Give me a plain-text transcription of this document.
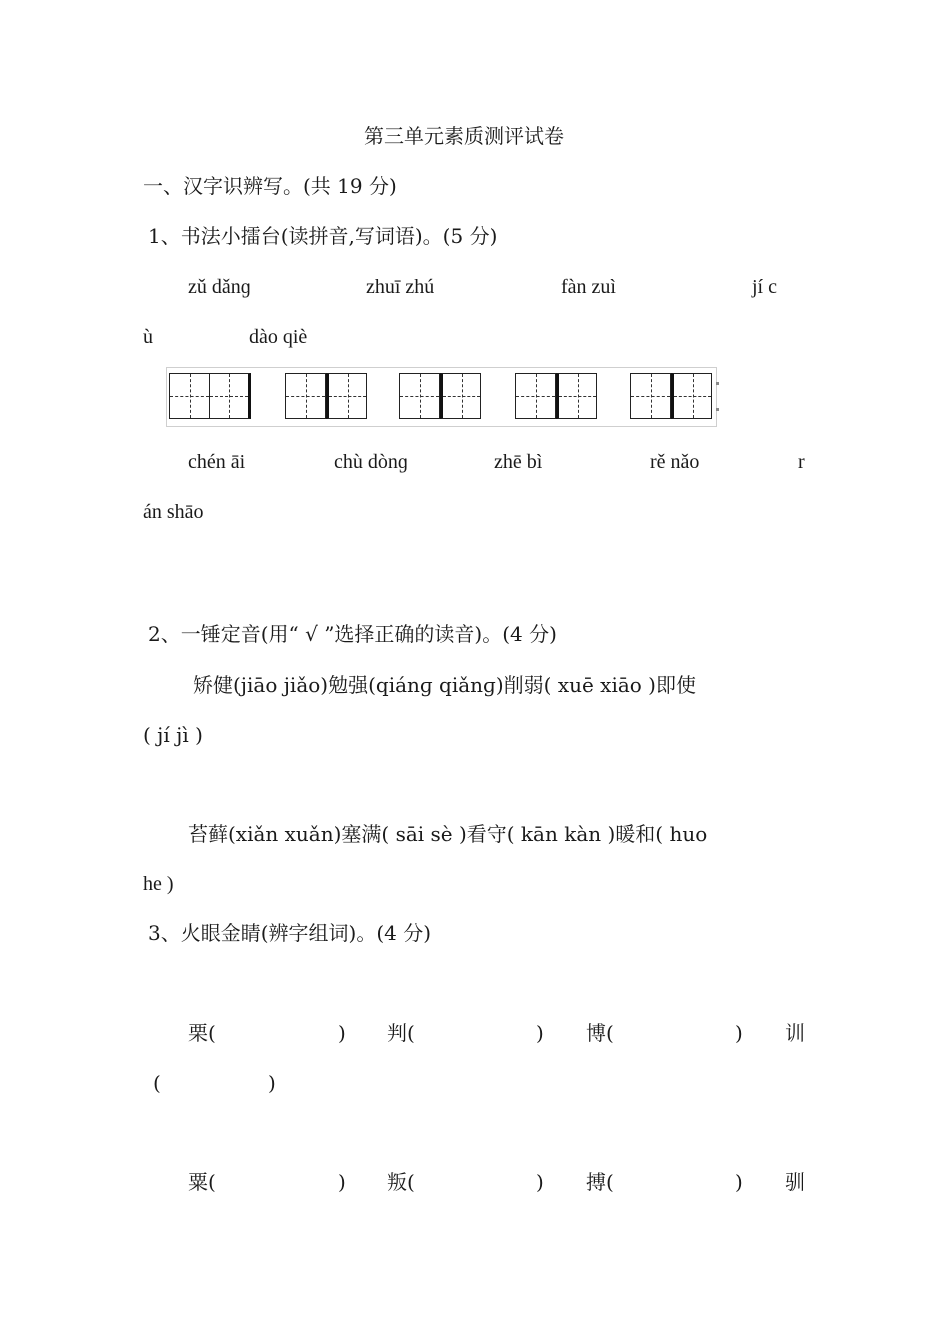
第三单元素质测评试卷
一、汉字识辨写。(共 19 分)
1、书法小擂台(读拼音,写词语)。(5 分)
zǔ dǎnɡ	zhuī zhú	fàn zuì	jí c
ù	dào qiè
chén āi	chù dònɡ	zhē bì	rě nǎo	r
án shāo
2、一锤定音(用“ √ ”选择正确的读音)。(4 分)
矫健(jiāo jiǎo)勉强(qiánɡ qiǎnɡ)削弱( xuē xiāo )即使
( jí jì )
苔藓(xiǎn xuǎn)塞满( sāi sè )看守( kān kàn )暖和( huo
he )
3、火眼金睛(辨字组词)。(4 分)
栗(	) 判(	) 博(	) 训
(	)
粟(	) 叛(	) 搏(	) 驯
